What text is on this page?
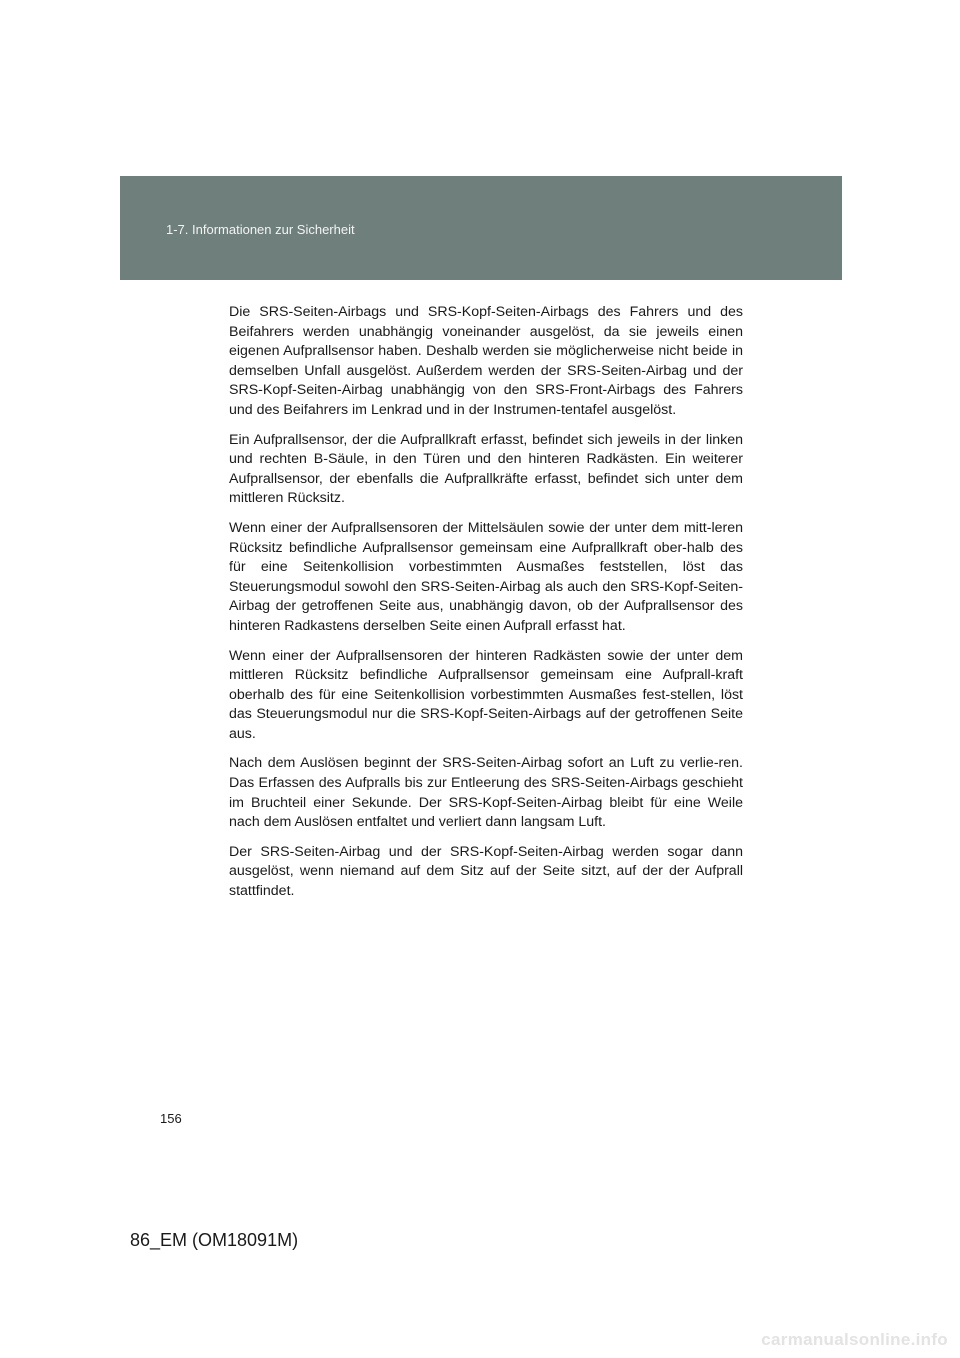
1-7. Informationen zur Sicherheit

Die SRS-Seiten-Airbags und SRS-Kopf-Seiten-Airbags des Fahrers und des Beifahrers werden unabhängig voneinander ausgelöst, da sie jeweils einen eigenen Aufprallsensor haben. Deshalb werden sie möglicherweise nicht beide in demselben Unfall ausgelöst. Außerdem werden der SRS-Seiten-Airbag und der SRS-Kopf-Seiten-Airbag unabhängig von den SRS-Front-Airbags des Fahrers und des Beifahrers im Lenkrad und in der Instrumen-tentafel ausgelöst.

Ein Aufprallsensor, der die Aufprallkraft erfasst, befindet sich jeweils in der linken und rechten B-Säule, in den Türen und den hinteren Radkästen. Ein weiterer Aufprallsensor, der ebenfalls die Aufprallkräfte erfasst, befindet sich unter dem mittleren Rücksitz.

Wenn einer der Aufprallsensoren der Mittelsäulen sowie der unter dem mitt-leren Rücksitz befindliche Aufprallsensor gemeinsam eine Aufprallkraft ober-halb des für eine Seitenkollision vorbestimmten Ausmaßes feststellen, löst das Steuerungsmodul sowohl den SRS-Seiten-Airbag als auch den SRS-Kopf-Seiten-Airbag der getroffenen Seite aus, unabhängig davon, ob der Aufprallsensor des hinteren Radkastens derselben Seite einen Aufprall erfasst hat.

Wenn einer der Aufprallsensoren der hinteren Radkästen sowie der unter dem mittleren Rücksitz befindliche Aufprallsensor gemeinsam eine Aufprall-kraft oberhalb des für eine Seitenkollision vorbestimmten Ausmaßes fest-stellen, löst das Steuerungsmodul nur die SRS-Kopf-Seiten-Airbags auf der getroffenen Seite aus.

Nach dem Auslösen beginnt der SRS-Seiten-Airbag sofort an Luft zu verlie-ren. Das Erfassen des Aufpralls bis zur Entleerung des SRS-Seiten-Airbags geschieht im Bruchteil einer Sekunde. Der SRS-Kopf-Seiten-Airbag bleibt für eine Weile nach dem Auslösen entfaltet und verliert dann langsam Luft.

Der SRS-Seiten-Airbag und der SRS-Kopf-Seiten-Airbag werden sogar dann ausgelöst, wenn niemand auf dem Sitz auf der Seite sitzt, auf der der Aufprall stattfindet.

156
86_EM (OM18091M)
carmanualsonline.info
